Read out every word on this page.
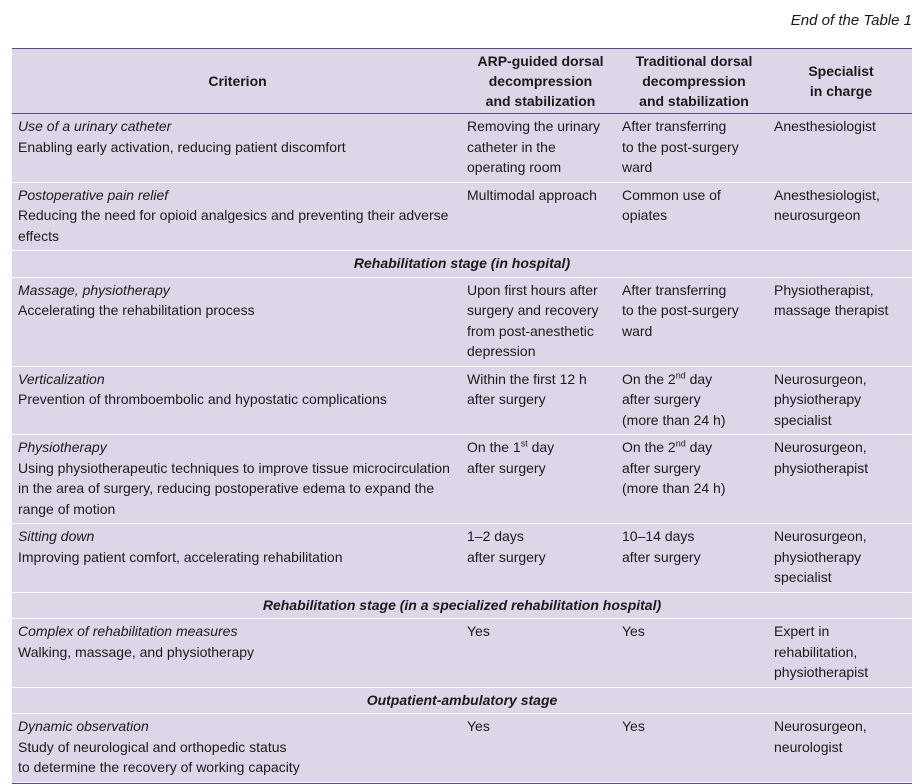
End of the Table 1
Criterion	ARP-guided dorsal
decompression
and stabilization	Traditional dorsal
decompression
and stabilization	Specialist
in charge

Use of a urinary catheter
Enabling early activation, reducing patient discomfort	Removing the urinary catheter in the operating room	After transferring
to the post-surgery ward	Anesthesiologist

Postoperative pain relief
Reducing the need for opioid analgesics and preventing their adverse effects	Multimodal approach	Common use of opiates	Anesthesiologist, neurosurgeon
Rehabilitation stage (in hospital)			

Massage, physiotherapy
Accelerating the rehabilitation process	Upon first hours after surgery and recovery from post-anesthetic depression	After transferring
to the post-surgery ward	Physiotherapist, massage therapist

Verticalization
Prevention of thromboembolic and hypostatic complications	Within the first 12 h
after surgery	On the 2nd day
after surgery
(more than 24 h)	Neurosurgeon, physiotherapy specialist

Physiotherapy
Using physiotherapeutic techniques to improve tissue microcirculation in the area of surgery, reducing postoperative edema to expand the range of motion	On the 1st day
after surgery	On the 2nd day
after surgery
(more than 24 h)	Neurosurgeon, physiotherapist

Sitting down
Improving patient comfort, accelerating rehabilitation	1–2 days
after surgery	10–14 days
after surgery	Neurosurgeon, physiotherapy specialist
Rehabilitation stage (in a specialized rehabilitation hospital)			

Complex of rehabilitation measures
Walking, massage, and physiotherapy	Yes	Yes	Expert in rehabilitation, physiotherapist
Outpatient-ambulatory stage			

Dynamic observation
Study of neurological and orthopedic status
to determine the recovery of working capacity	Yes	Yes	Neurosurgeon, neurologist
